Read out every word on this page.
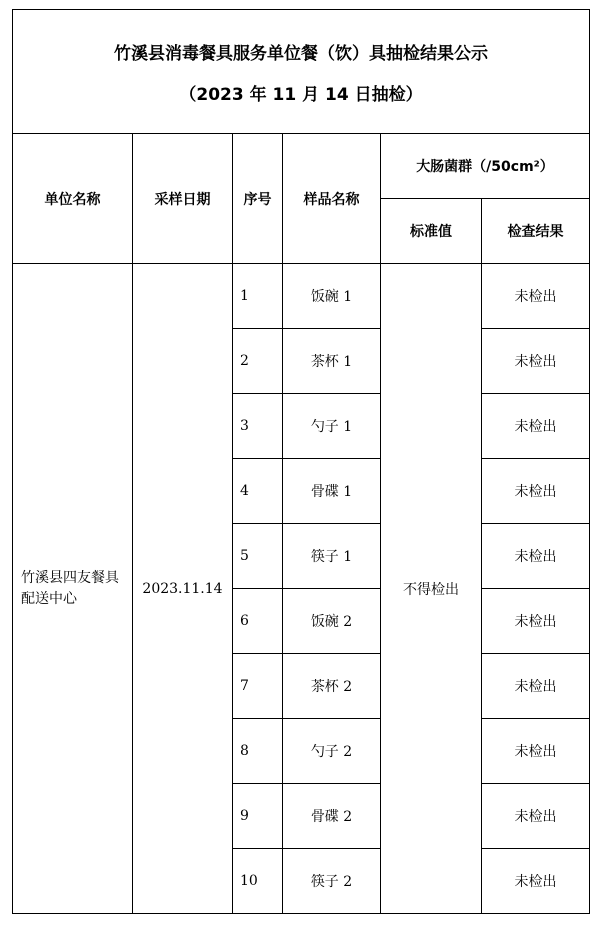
竹溪县消毒餐具服务单位餐（饮）具抽检结果公示
（2023 年 11 月 14 日抽检）					

单位名称	采样日期	序号	样品名称	大肠菌群（/50cm²）	
				标准值	检查结果
竹溪县四友餐具配送中心	2023.11.14	1	饭碗 1	不得检出	未检出
		2	茶杯 1		未检出
		3	勺子 1		未检出
		4	骨碟 1		未检出
		5	筷子 1		未检出
		6	饭碗 2		未检出
		7	茶杯 2		未检出
		8	勺子 2		未检出
		9	骨碟 2		未检出
		10	筷子 2		未检出
